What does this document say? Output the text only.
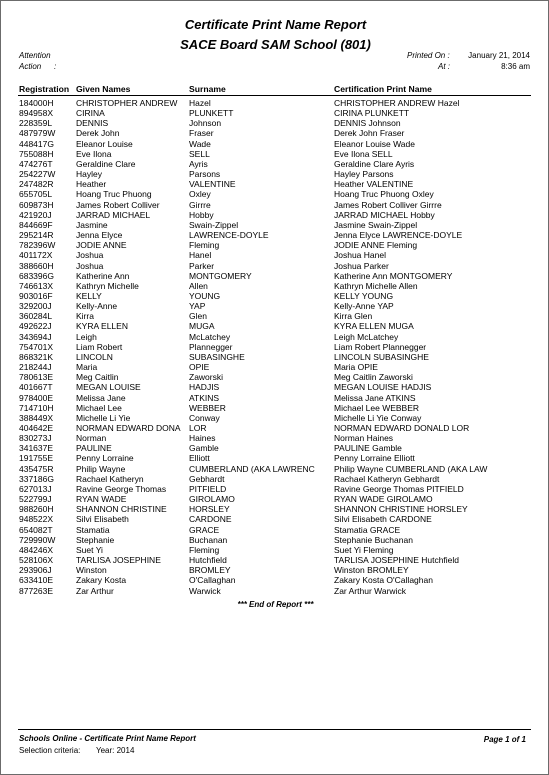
Certificate Print Name Report
SACE Board SAM School (801)
Attention
Action :
Printed On : January 21, 2014
At :	8:36 am
Registration Given Names	Surname	Certification Print Name
184000H	CHRISTOPHER ANDREW	Hazel	CHRISTOPHER ANDREW Hazel
894958X	CIRINA	PLUNKETT	CIRINA PLUNKETT
228359L	DENNIS	Johnson	DENNIS Johnson
487979W	Derek John	Fraser	Derek John Fraser
448417G	Eleanor Louise	Wade	Eleanor Louise Wade
755088H	Eve Ilona	SELL	Eve Ilona SELL
474276T	Geraldine Clare	Ayris	Geraldine Clare Ayris
254227W	Hayley	Parsons	Hayley Parsons
247482R	Heather	VALENTINE	Heather VALENTINE
655705L	Hoang Truc Phuong	Oxley	Hoang Truc Phuong Oxley
609873H	James Robert Colliver	Girrre	James Robert Colliver Girrre
421920J	JARRAD MICHAEL	Hobby	JARRAD MICHAEL Hobby
844669F	Jasmine	Swain-Zippel	Jasmine Swain-Zippel
295214R	Jenna Elyce	LAWRENCE-DOYLE	Jenna Elyce LAWRENCE-DOYLE
782396W	JODIE ANNE	Fleming	JODIE ANNE Fleming
401172X	Joshua	Hanel	Joshua Hanel
388660H	Joshua	Parker	Joshua Parker
683396G	Katherine Ann	MONTGOMERY	Katherine Ann MONTGOMERY
746613X	Kathryn Michelle	Allen	Kathryn Michelle Allen
903016F	KELLY	YOUNG	KELLY YOUNG
329200J	Kelly-Anne	YAP	Kelly-Anne YAP
360284L	Kirra	Glen	Kirra Glen
492622J	KYRA ELLEN	MUGA	KYRA ELLEN MUGA
343694J	Leigh	McLatchey	Leigh McLatchey
754701X	Liam Robert	Plannegger	Liam Robert Plannegger
868321K	LINCOLN	SUBASINGHE	LINCOLN SUBASINGHE
218244J	Maria	OPIE	Maria OPIE
780613E	Meg Caitlin	Zaworski	Meg Caitlin Zaworski
401667T	MEGAN LOUISE	HADJIS	MEGAN LOUISE HADJIS
978400E	Melissa Jane	ATKINS	Melissa Jane ATKINS
714710H	Michael Lee	WEBBER	Michael Lee WEBBER
388449X	Michelle Li Yie	Conway	Michelle Li Yie Conway
404642E	NORMAN EDWARD DONA LOR	NORMAN EDWARD DONALD LOR
830273J	Norman	Haines	Norman Haines
341637E	PAULINE	Gamble	PAULINE Gamble
191755E	Penny Lorraine	Elliott	Penny Lorraine Elliott
435475R	Philip Wayne	CUMBERLAND (AKA LAWRENC	Philip Wayne CUMBERLAND (AKA LAW
337186G	Rachael Katheryn	Gebhardt	Rachael Katheryn Gebhardt
627013J	Ravine George Thomas	PITFIELD	Ravine George Thomas PITFIELD
522799J	RYAN WADE	GIROLAMO	RYAN WADE GIROLAMO
988260H	SHANNON CHRISTINE	HORSLEY	SHANNON CHRISTINE HORSLEY
948522X	Silvi Elisabeth	CARDONE	Silvi Elisabeth CARDONE
654082T	Stamatia	GRACE	Stamatia GRACE
729990W	Stephanie	Buchanan	Stephanie Buchanan
484246X	Suet Yi	Fleming	Suet Yi Fleming
528106X	TARLISA JOSEPHINE	Hutchfield	TARLISA JOSEPHINE Hutchfield
293906J	Winston	BROMLEY	Winston BROMLEY
633410E	Zakary Kosta	O'Callaghan	Zakary Kosta O'Callaghan
877263E	Zar Arthur	Warwick	Zar Arthur Warwick
*** End of Report ***
Schools Online - Certificate Print Name Report	Page 1 of 1
Selection criteria: Year: 2014
